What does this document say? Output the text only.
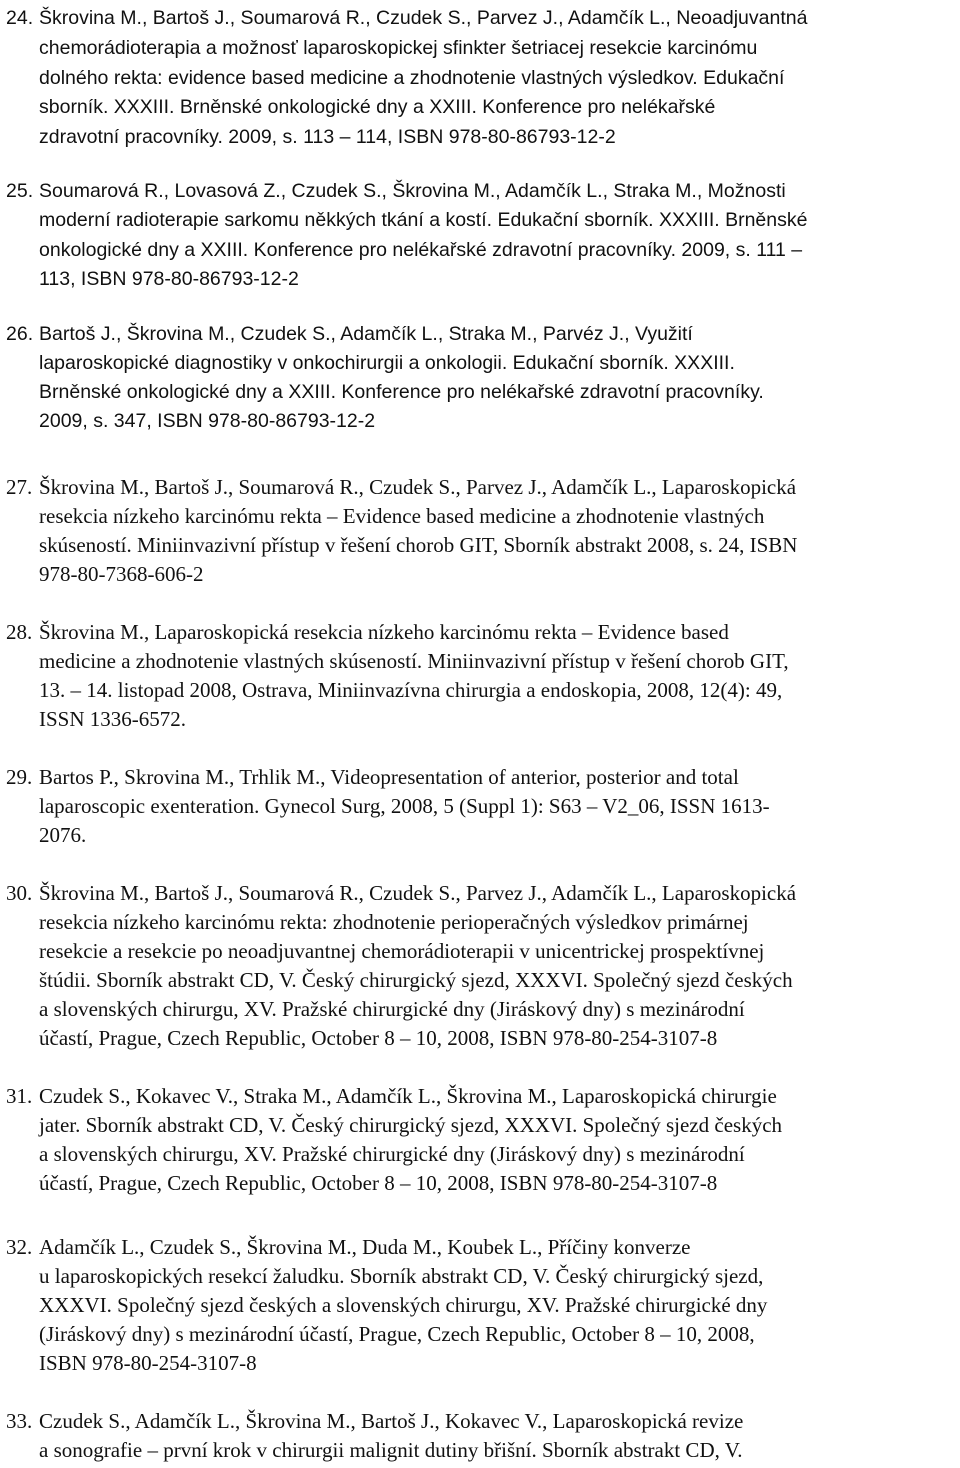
24. Škrovina M., Bartoš J., Soumarová R., Czudek S., Parvez J., Adamčík L., Neoadjuvantná
chemorádioterapia a možnosť laparoskopickej sfinkter šetriacej resekcie karcinómu
dolného rekta: evidence based medicine a zhodnotenie vlastných výsledkov. Edukační
sborník. XXXIII. Brněnské onkologické dny a XXIII. Konference pro nelékařské
zdravotní pracovníky. 2009, s. 113 – 114, ISBN 978-80-86793-12-2
25. Soumarová R., Lovasová Z., Czudek S., Škrovina M., Adamčík L., Straka M., Možnosti
moderní radioterapie sarkomu někkých tkání a kostí. Edukační sborník. XXXIII. Brněnské
onkologické dny a XXIII. Konference pro nelékařské zdravotní pracovníky. 2009, s. 111 –
113, ISBN 978-80-86793-12-2
26. Bartoš J., Škrovina M., Czudek S., Adamčík L., Straka M., Parvéz J., Využití
laparoskopické diagnostiky v onkochirurgii a onkologii. Edukační sborník. XXXIII.
Brněnské onkologické dny a XXIII. Konference pro nelékařské zdravotní pracovníky.
2009, s. 347, ISBN 978-80-86793-12-2
27. Škrovina M., Bartoš J., Soumarová R., Czudek S., Parvez J., Adamčík L., Laparoskopická
resekcia nízkeho karcinómu rekta – Evidence based medicine a zhodnotenie vlastných
skúseností. Miniinvazivní přístup v řešení chorob GIT, Sborník abstrakt 2008, s. 24, ISBN
978-80-7368-606-2
28. Škrovina M., Laparoskopická resekcia nízkeho karcinómu rekta – Evidence based
medicine a zhodnotenie vlastných skúseností. Miniinvazivní přístup v řešení chorob GIT,
13. – 14. listopad 2008, Ostrava, Miniinvazívna chirurgia a endoskopia, 2008, 12(4): 49,
ISSN 1336-6572.
29. Bartos P., Skrovina M., Trhlik M., Videopresentation of anterior, posterior and total
laparoscopic exenteration. Gynecol Surg, 2008, 5 (Suppl 1): S63 – V2_06, ISSN 1613-
2076.
30. Škrovina M., Bartoš J., Soumarová R., Czudek S., Parvez J., Adamčík L., Laparoskopická
resekcia nízkeho karcinómu rekta: zhodnotenie perioperačných výsledkov primárnej
resekcie a resekcie po neoadjuvantnej chemorádioterapii v unicentrickej prospektívnej
štúdii. Sborník abstrakt CD, V. Český chirurgický sjezd, XXXVI. Společný sjezd českých
a slovenských chirurgu, XV. Pražské chirurgické dny (Jiráskový dny) s mezinárodní
účastí, Prague, Czech Republic, October 8 – 10, 2008, ISBN 978-80-254-3107-8
31. Czudek S., Kokavec V., Straka M., Adamčík L., Škrovina M., Laparoskopická chirurgie
jater. Sborník abstrakt CD, V. Český chirurgický sjezd, XXXVI. Společný sjezd českých
a slovenských chirurgu, XV. Pražské chirurgické dny (Jiráskový dny) s mezinárodní
účastí, Prague, Czech Republic, October 8 – 10, 2008, ISBN 978-80-254-3107-8
32. Adamčík L., Czudek S., Škrovina M., Duda M., Koubek L., Příčiny konverze
u laparoskopických resekcí žaludku. Sborník abstrakt CD, V. Český chirurgický sjezd,
XXXVI. Společný sjezd českých a slovenských chirurgu, XV. Pražské chirurgické dny
(Jiráskový dny) s mezinárodní účastí, Prague, Czech Republic, October 8 – 10, 2008,
ISBN 978-80-254-3107-8
33. Czudek S., Adamčík L., Škrovina M., Bartoš J., Kokavec V., Laparoskopická revize
a sonografie – první krok v chirurgii malignit dutiny břišní. Sborník abstrakt CD, V.
